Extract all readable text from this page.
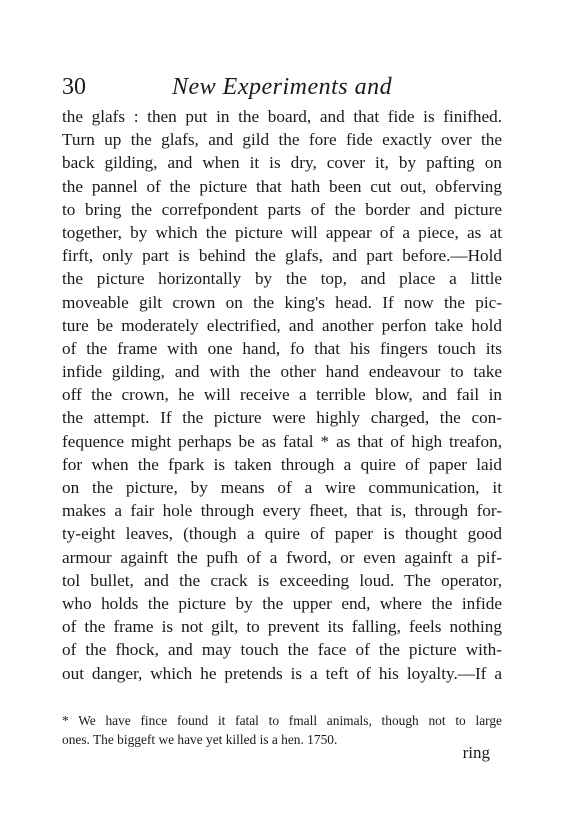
30	New Experiments and
the glafs : then put in the board, and that fide is finifhed.
Turn up the glafs, and gild the fore fide exactly over the
back gilding, and when it is dry, cover it, by pafting on
the pannel of the picture that hath been cut out, obferving
to bring the correfpondent parts of the border and picture
together, by which the picture will appear of a piece, as at
firft, only part is behind the glafs, and part before.—Hold
the picture horizontally by the top, and place a little
moveable gilt crown on the king's head. If now the pic-
ture be moderately electrified, and another perfon take hold
of the frame with one hand, fo that his fingers touch its
infide gilding, and with the other hand endeavour to take
off the crown, he will receive a terrible blow, and fail in
the attempt. If the picture were highly charged, the con-
fequence might perhaps be as fatal * as that of high treafon,
for when the fpark is taken through a quire of paper laid
on the picture, by means of a wire communication, it
makes a fair hole through every fheet, that is, through for-
ty-eight leaves, (though a quire of paper is thought good
armour againft the pufh of a fword, or even againft a pif-
tol bullet, and the crack is exceeding loud. The operator,
who holds the picture by the upper end, where the infide
of the frame is not gilt, to prevent its falling, feels nothing
of the fhock, and may touch the face of the picture with-
out danger, which he pretends is a teft of his loyalty.—If a
* We have fince found it fatal to fmall animals, though not to large
ones. The biggeft we have yet killed is a hen. 1750.
ring
